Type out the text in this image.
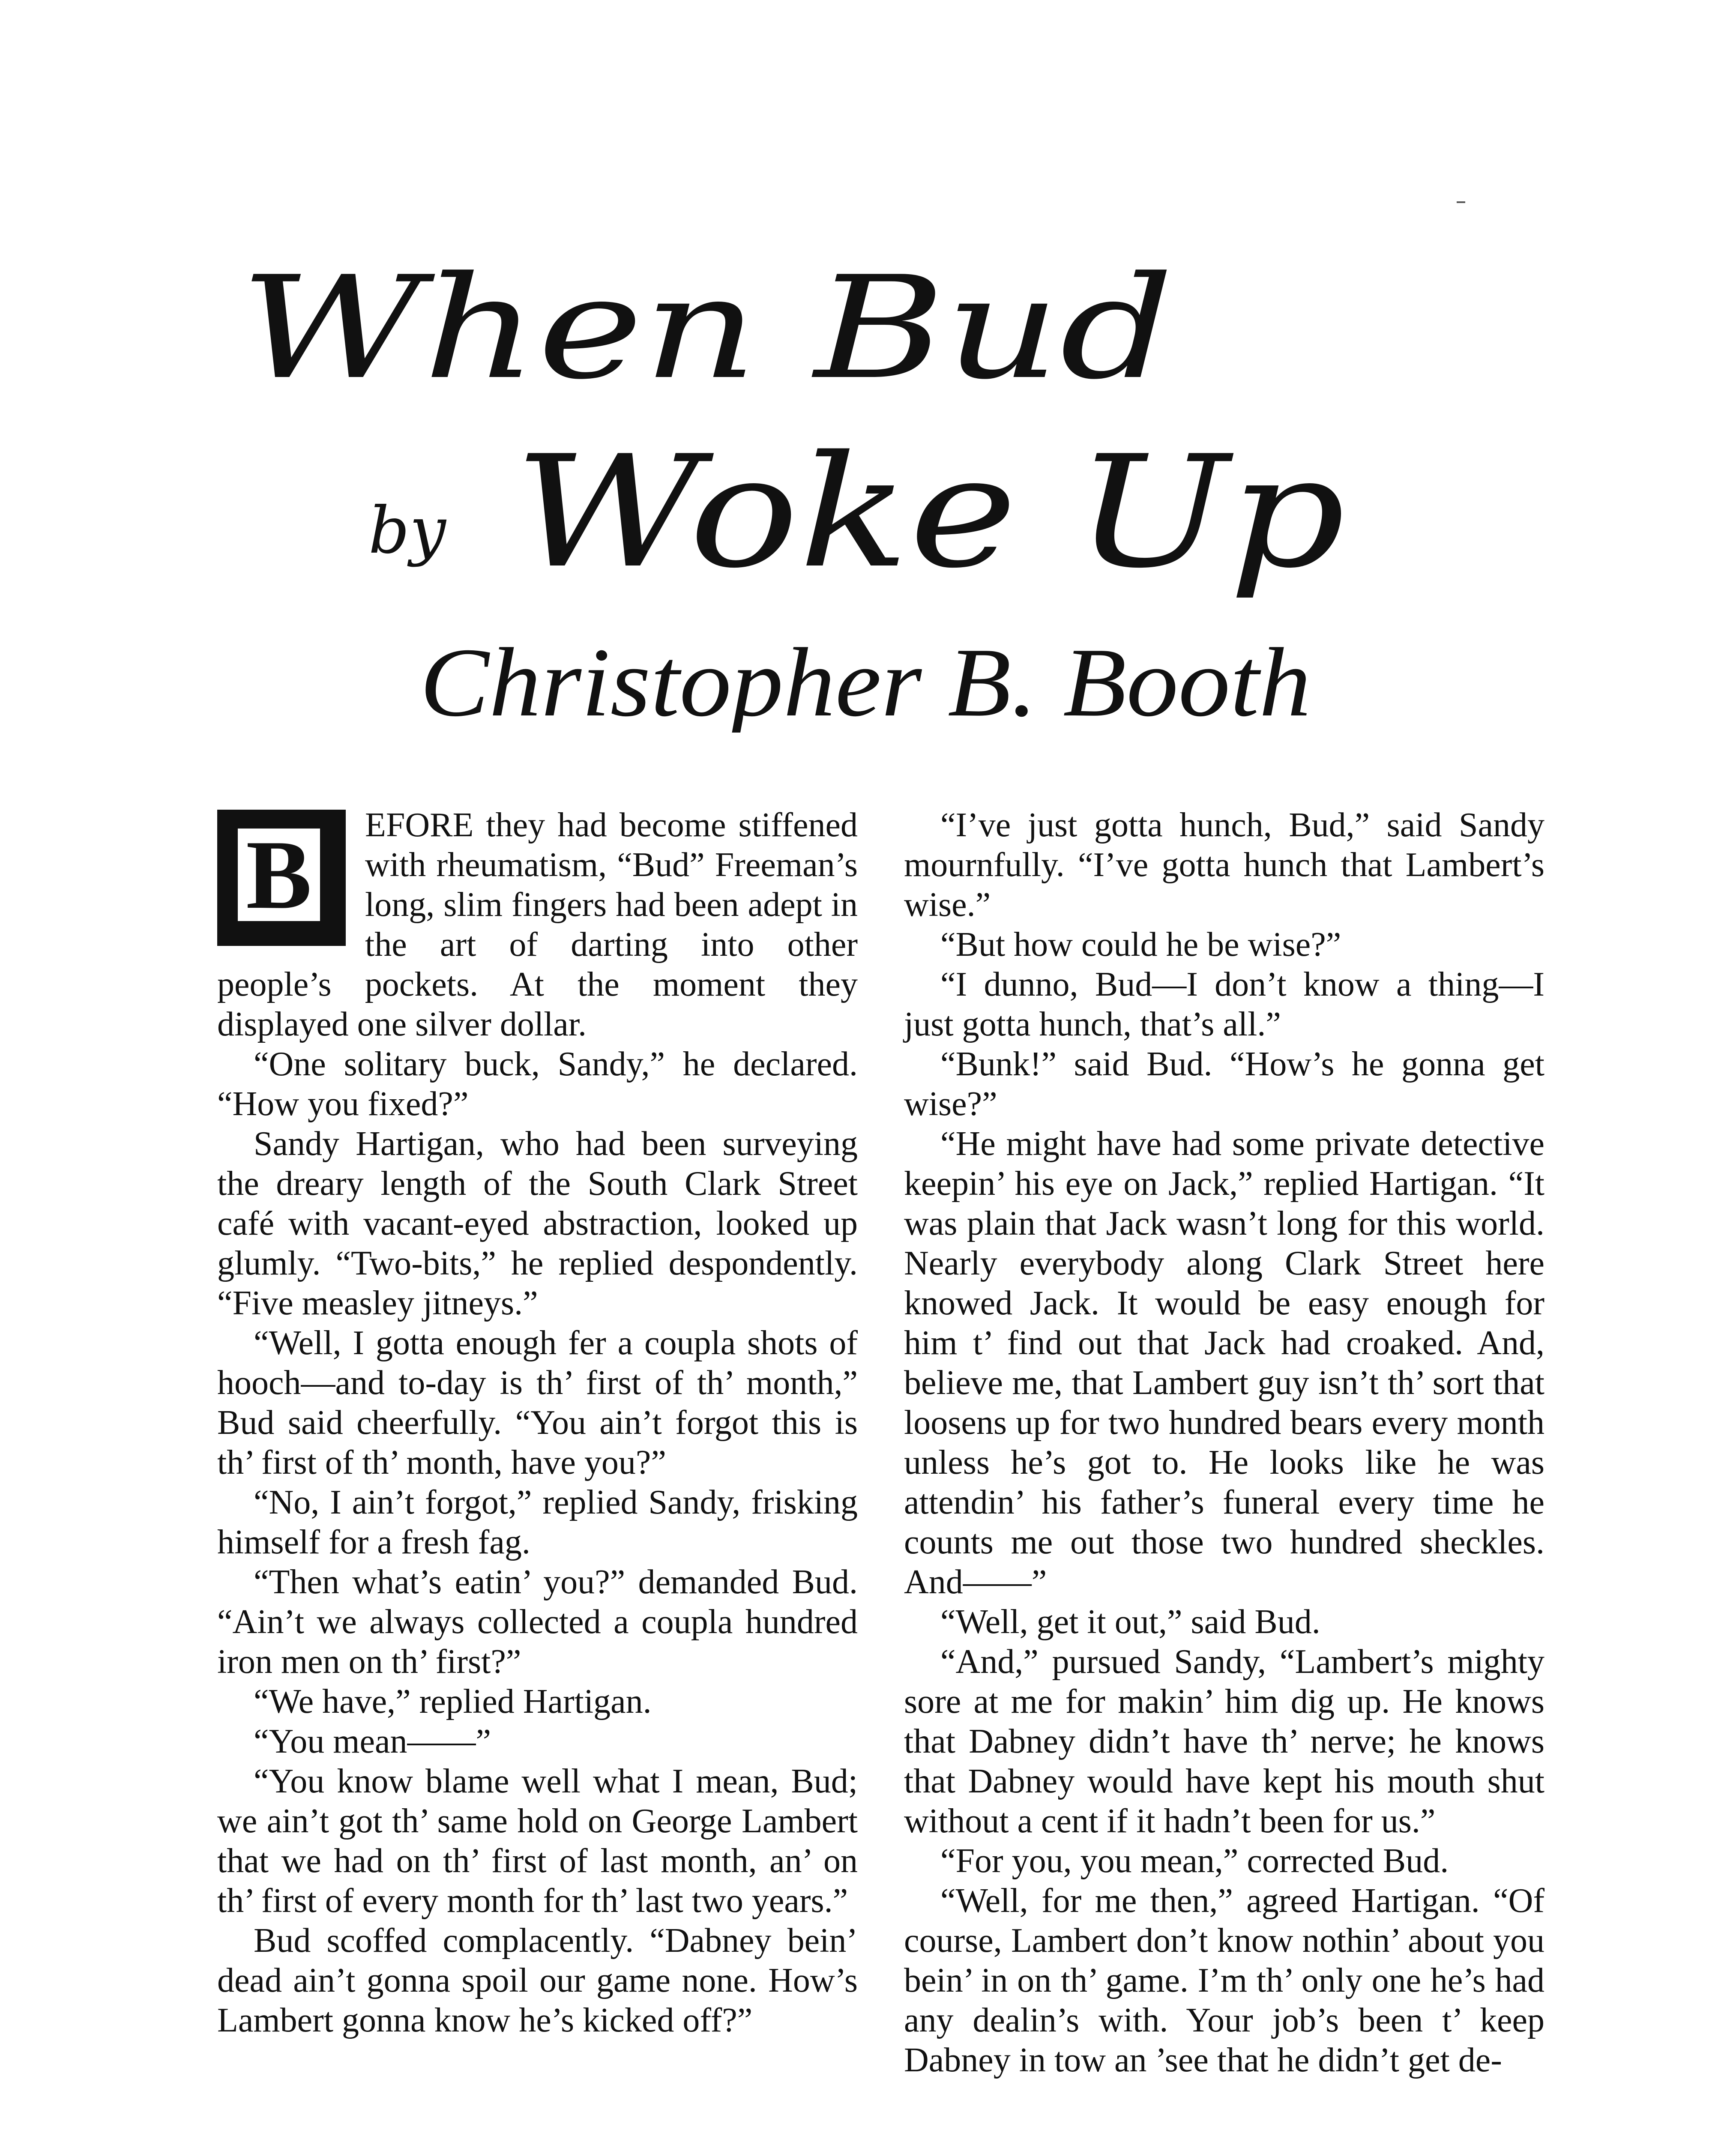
When Bud
by Woke Up
Christopher B. Booth
B	EFORE they had become stiffened with rheumatism, “Bud” Freeman’s long, slim fingers had been adept in the art of darting into other people’s pockets. At the moment they displayed one silver dollar.

“One solitary buck, Sandy,” he declared. “How you fixed?”

Sandy Hartigan, who had been surveying the dreary length of the South Clark Street café with vacant-eyed abstraction, looked up glumly. “Two-bits,” he replied despondently. “Five measley jitneys.”

“Well, I gotta enough fer a coupla shots of hooch—and to-day is th’ first of th’ month,” Bud said cheerfully. “You ain’t forgot this is th’ first of th’ month, have you?”

“No, I ain’t forgot,” replied Sandy, frisking himself for a fresh fag.

“Then what’s eatin’ you?” demanded Bud. “Ain’t we always collected a coupla hundred iron men on th’ first?”

“We have,” replied Hartigan.

“You mean——”

“You know blame well what I mean, Bud; we ain’t got th’ same hold on George Lambert that we had on th’ first of last month, an’ on th’ first of every month for th’ last two years.”

Bud scoffed complacently. “Dabney bein’ dead ain’t gonna spoil our game none. How’s Lambert gonna know he’s kicked off?”

“I’ve just gotta hunch, Bud,” said Sandy mournfully. “I’ve gotta hunch that Lambert’s wise.”

“But how could he be wise?”

“I dunno, Bud—I don’t know a thing—I just gotta hunch, that’s all.”

“Bunk!” said Bud. “How’s he gonna get wise?”

“He might have had some private detective keepin’ his eye on Jack,” replied Hartigan. “It was plain that Jack wasn’t long for this world. Nearly everybody along Clark Street here knowed Jack. It would be easy enough for him t’ find out that Jack had croaked. And, believe me, that Lambert guy isn’t th’ sort that loosens up for two hundred bears every month unless he’s got to. He looks like he was attendin’ his father’s funeral every time he counts me out those two hundred sheckles. And——”

“Well, get it out,” said Bud.

“And,” pursued Sandy, “Lambert’s mighty sore at me for makin’ him dig up. He knows that Dabney didn’t have th’ nerve; he knows that Dabney would have kept his mouth shut without a cent if it hadn’t been for us.”

“For you, you mean,” corrected Bud.

“Well, for me then,” agreed Hartigan. “Of course, Lambert don’t know nothin’ about you bein’ in on th’ game. I’m th’ only one he’s had any dealin’s with. Your job’s been t’ keep Dabney in tow an ’see that he didn’t get de-
